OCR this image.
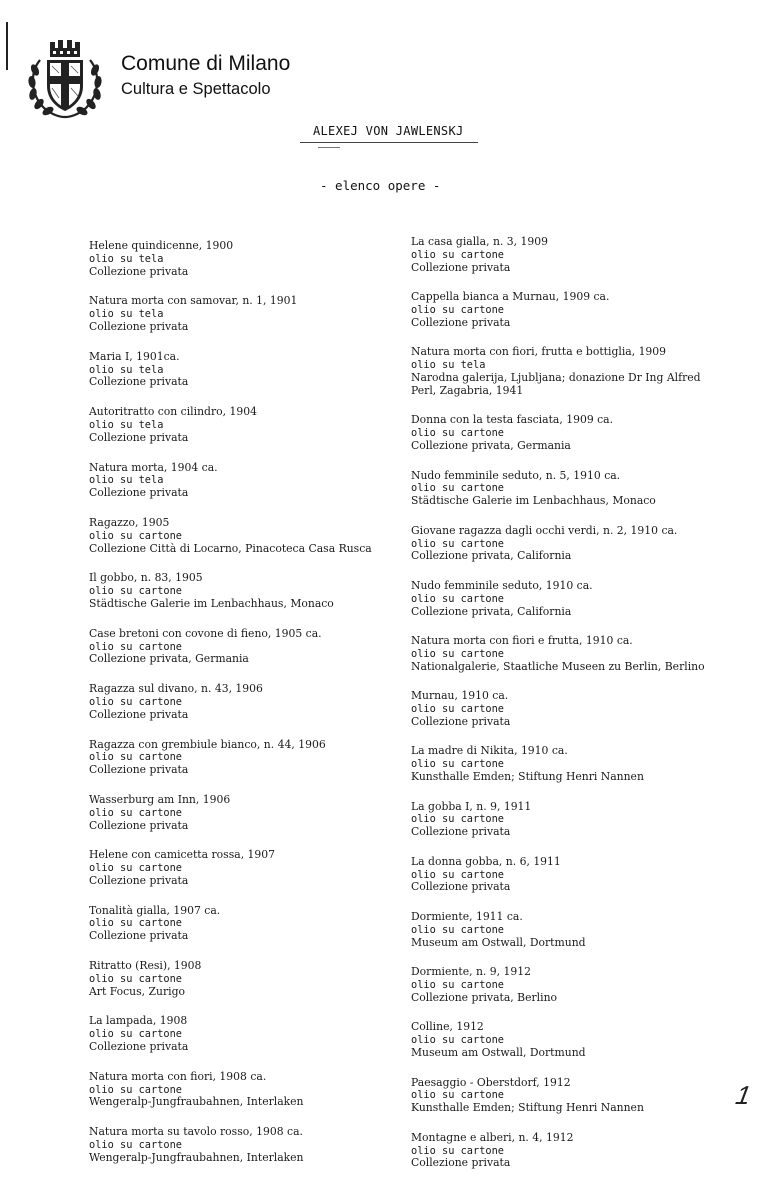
Comune di Milano
Cultura e Spettacolo
ALEXEJ VON JAWLENSKJ
- elenco opere -
Helene quindicenne, 1900
olio su tela
Collezione privata
Natura morta con samovar, n. 1, 1901
olio su tela
Collezione privata
Maria I, 1901ca.
olio su tela
Collezione privata
Autoritratto con cilindro, 1904
olio su tela
Collezione privata
Natura morta, 1904 ca.
olio su tela
Collezione privata
Ragazzo, 1905
olio su cartone
Collezione Città di Locarno, Pinacoteca Casa Rusca
Il gobbo, n. 83, 1905
olio su cartone
Städtische Galerie im Lenbachhaus, Monaco
Case bretoni con covone di fieno, 1905 ca.
olio su cartone
Collezione privata, Germania
Ragazza sul divano, n. 43, 1906
olio su cartone
Collezione privata
Ragazza con grembiule bianco, n. 44, 1906
olio su cartone
Collezione privata
Wasserburg am Inn, 1906
olio su cartone
Collezione privata
Helene con camicetta rossa, 1907
olio su cartone
Collezione privata
Tonalità gialla, 1907 ca.
olio su cartone
Collezione privata
Ritratto (Resi), 1908
olio su cartone
Art Focus, Zurigo
La lampada, 1908
olio su cartone
Collezione privata
Natura morta con fiori, 1908 ca.
olio su cartone
Wengeralp-Jungfraubahnen, Interlaken
Natura morta su tavolo rosso, 1908 ca.
olio su cartone
Wengeralp-Jungfraubahnen, Interlaken
La casa gialla, n. 3, 1909
olio su cartone
Collezione privata
Cappella bianca a Murnau, 1909 ca.
olio su cartone
Collezione privata
Natura morta con fiori, frutta e bottiglia, 1909
olio su tela
Narodna galerija, Ljubljana; donazione Dr Ing Alfred
Perl, Zagabria, 1941
Donna con la testa fasciata, 1909 ca.
olio su cartone
Collezione privata, Germania
Nudo femminile seduto, n. 5, 1910 ca.
olio su cartone
Städtische Galerie im Lenbachhaus, Monaco
Giovane ragazza dagli occhi verdi, n. 2, 1910 ca.
olio su cartone
Collezione privata, California
Nudo femminile seduto, 1910 ca.
olio su cartone
Collezione privata, California
Natura morta con fiori e frutta, 1910 ca.
olio su cartone
Nationalgalerie, Staatliche Museen zu Berlin, Berlino
Murnau, 1910 ca.
olio su cartone
Collezione privata
La madre di Nikita, 1910 ca.
olio su cartone
Kunsthalle Emden; Stiftung Henri Nannen
La gobba I, n. 9, 1911
olio su cartone
Collezione privata
La donna gobba, n. 6, 1911
olio su cartone
Collezione privata
Dormiente, 1911 ca.
olio su cartone
Museum am Ostwall, Dortmund
Dormiente, n. 9, 1912
olio su cartone
Collezione privata, Berlino
Colline, 1912
olio su cartone
Museum am Ostwall, Dortmund
Paesaggio - Oberstdorf, 1912
olio su cartone
Kunsthalle Emden; Stiftung Henri Nannen
Montagne e alberi, n. 4, 1912
olio su cartone
Collezione privata
1
